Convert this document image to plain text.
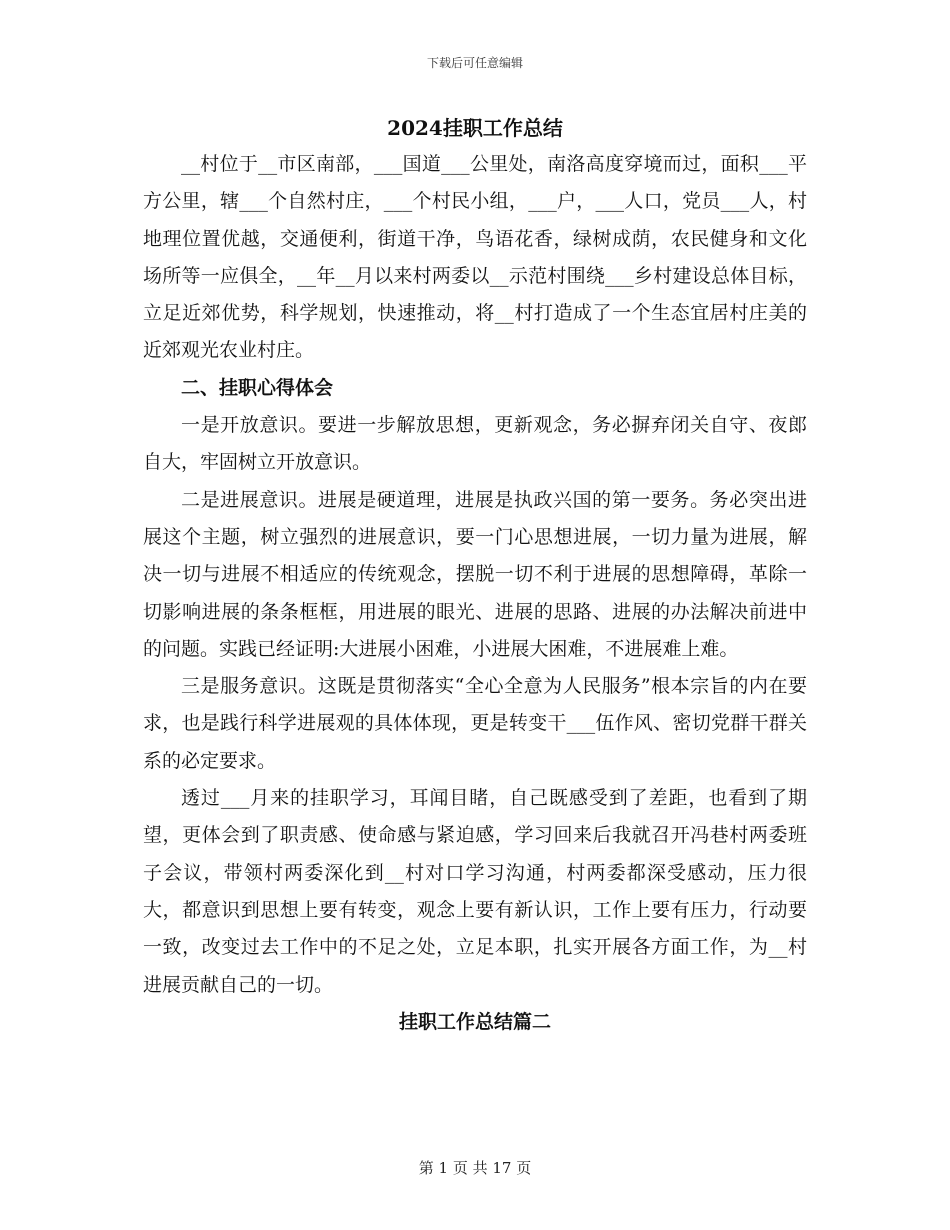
下载后可任意编辑
2024挂职工作总结

__村位于__市区南部，___国道___公里处，南洛高度穿境而过，面积___平方公里，辖___个自然村庄，___个村民小组，___户，___人口，党员___人，村地理位置优越，交通便利，街道干净，鸟语花香，绿树成荫，农民健身和文化场所等一应俱全，__年__月以来村两委以__示范村围绕___乡村建设总体目标，立足近郊优势，科学规划，快速推动，将__村打造成了一个生态宜居村庄美的近郊观光农业村庄。

二、挂职心得体会

一是开放意识。要进一步解放思想，更新观念，务必摒弃闭关自守、夜郎自大，牢固树立开放意识。

二是进展意识。进展是硬道理，进展是执政兴国的第一要务。务必突出进展这个主题，树立强烈的进展意识，要一门心思想进展，一切力量为进展，解决一切与进展不相适应的传统观念，摆脱一切不利于进展的思想障碍，革除一切影响进展的条条框框，用进展的眼光、进展的思路、进展的办法解决前进中的问题。实践已经证明:大进展小困难，小进展大困难，不进展难上难。

三是服务意识。这既是贯彻落实“全心全意为人民服务”根本宗旨的内在要求，也是践行科学进展观的具体体现，更是转变干___伍作风、密切党群干群关系的必定要求。

透过___月来的挂职学习，耳闻目睹，自己既感受到了差距，也看到了期望，更体会到了职责感、使命感与紧迫感，学习回来后我就召开冯巷村两委班子会议，带领村两委深化到__村对口学习沟通，村两委都深受感动，压力很大，都意识到思想上要有转变，观念上要有新认识，工作上要有压力，行动要一致，改变过去工作中的不足之处，立足本职，扎实开展各方面工作，为__村进展贡献自己的一切。

挂职工作总结篇二
第 1 页 共 17 页
